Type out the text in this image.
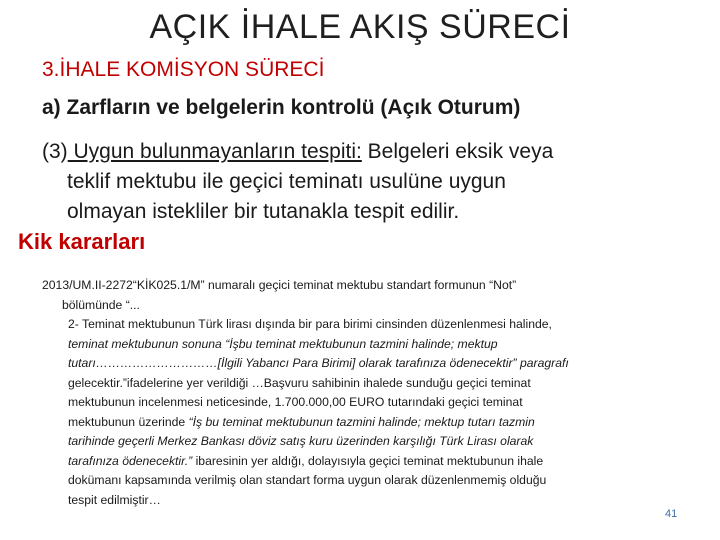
AÇIK İHALE AKIŞ SÜRECİ
3.İHALE KOMİSYON SÜRECİ
a) Zarfların ve belgelerin kontrolü (Açık Oturum)
(3) Uygun bulunmayanların tespiti: Belgeleri eksik veya
teklif mektubu ile geçici teminatı usulüne uygun
olmayan istekliler bir tutanakla tespit edilir.
Kik kararları
2013/UM.II-2272“KİK025.1/M” numaralı geçici teminat mektubu standart formunun “Not”
bölümünde “...
2- Teminat mektubunun Türk lirası dışında bir para birimi cinsinden düzenlenmesi halinde,
teminat mektubunun sonuna “İşbu teminat mektubunun tazmini halinde; mektup
tutarı…………………………[İlgili Yabancı Para Birimi] olarak tarafınıza ödenecektir” paragrafı
gelecektir.”ifadelerine yer verildiği …Başvuru sahibinin ihalede sunduğu geçici teminat
mektubunun incelenmesi neticesinde, 1.700.000,00 EURO tutarındaki geçici teminat
mektubunun üzerinde “İş bu teminat mektubunun tazmini halinde; mektup tutarı tazmin
tarihinde geçerli Merkez Bankası döviz satış kuru üzerinden karşılığı Türk Lirası olarak
tarafınıza ödenecektir.” ibaresinin yer aldığı, dolayısıyla geçici teminat mektubunun ihale
dokümanı kapsamında verilmiş olan standart forma uygun olarak düzenlenmemiş olduğu
tespit edilmiştir…
41
